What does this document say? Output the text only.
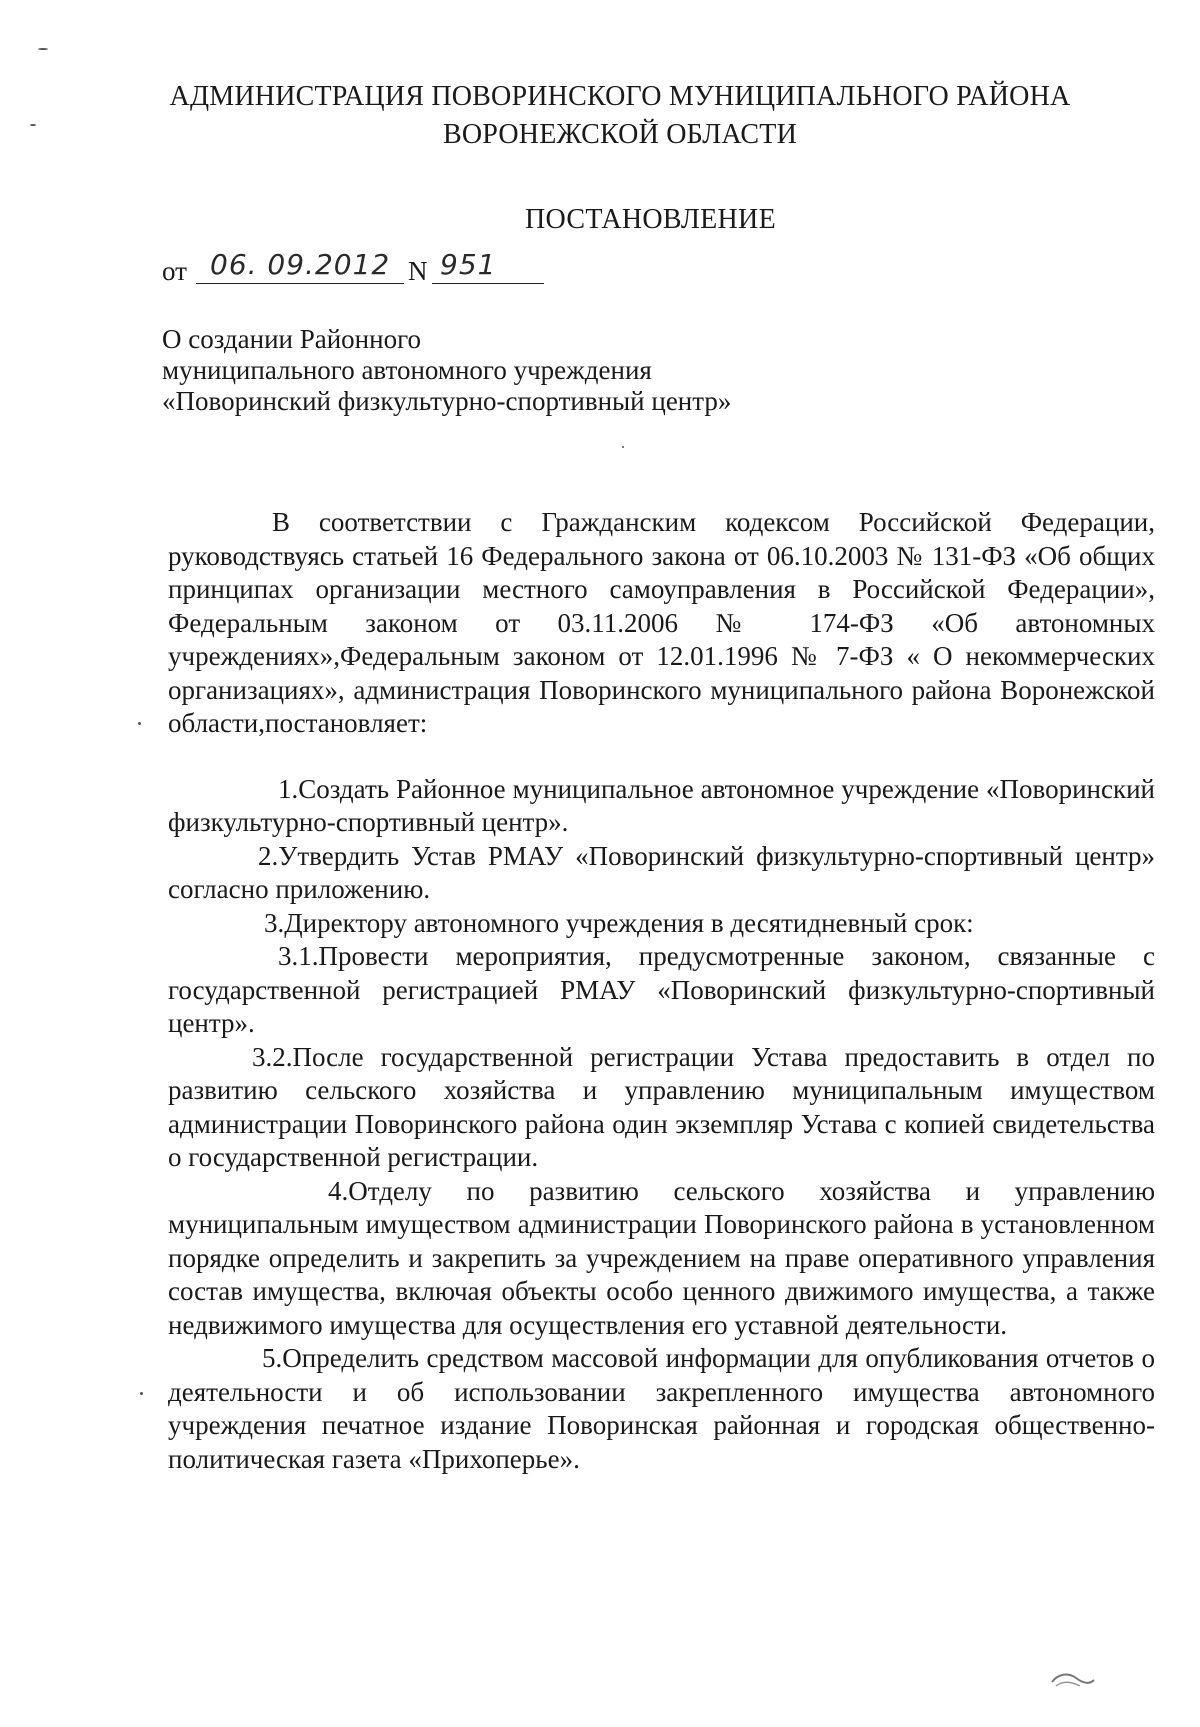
АДМИНИСТРАЦИЯ ПОВОРИНСКОГО МУНИЦИПАЛЬНОГО РАЙОНА
ВОРОНЕЖСКОЙ ОБЛАСТИ
ПОСТАНОВЛЕНИЕ
от 06. 09.2012 N 951
О создании Районного
муниципального автономного учреждения
«Поворинский физкультурно-спортивный центр»

В соответствии с Гражданским кодексом Российской Федерации, руководствуясь статьей 16 Федерального закона от 06.10.2003 № 131-ФЗ «Об общих принципах организации местного самоуправления в Российской Федерации», Федеральным законом от 03.11.2006 № 174-ФЗ «Об автономных учреждениях»,Федеральным законом от 12.01.1996 № 7-ФЗ « О некоммерческих организациях», администрация Поворинского муниципального района Воронежской области,постановляет:

1.Создать Районное муниципальное автономное учреждение «Поворинский физкультурно-спортивный центр».

2.Утвердить Устав РМАУ «Поворинский физкультурно-спортивный центр» согласно приложению.

3.Директору автономного учреждения в десятидневный срок:

3.1.Провести мероприятия, предусмотренные законом, связанные с государственной регистрацией РМАУ «Поворинский физкультурно-спортивный центр».

3.2.После государственной регистрации Устава предоставить в отдел по развитию сельского хозяйства и управлению муниципальным имуществом администрации Поворинского района один экземпляр Устава с копией свидетельства о государственной регистрации.

4.Отделу по развитию сельского хозяйства и управлению муниципальным имуществом администрации Поворинского района в установленном порядке определить и закрепить за учреждением на праве оперативного управления состав имущества, включая объекты особо ценного движимого имущества, а также недвижимого имущества для осуществления его уставной деятельности.

5.Определить средством массовой информации для опубликования отчетов о деятельности и об использовании закрепленного имущества автономного учреждения печатное издание Поворинская районная и городская общественно-политическая газета «Прихоперье».
